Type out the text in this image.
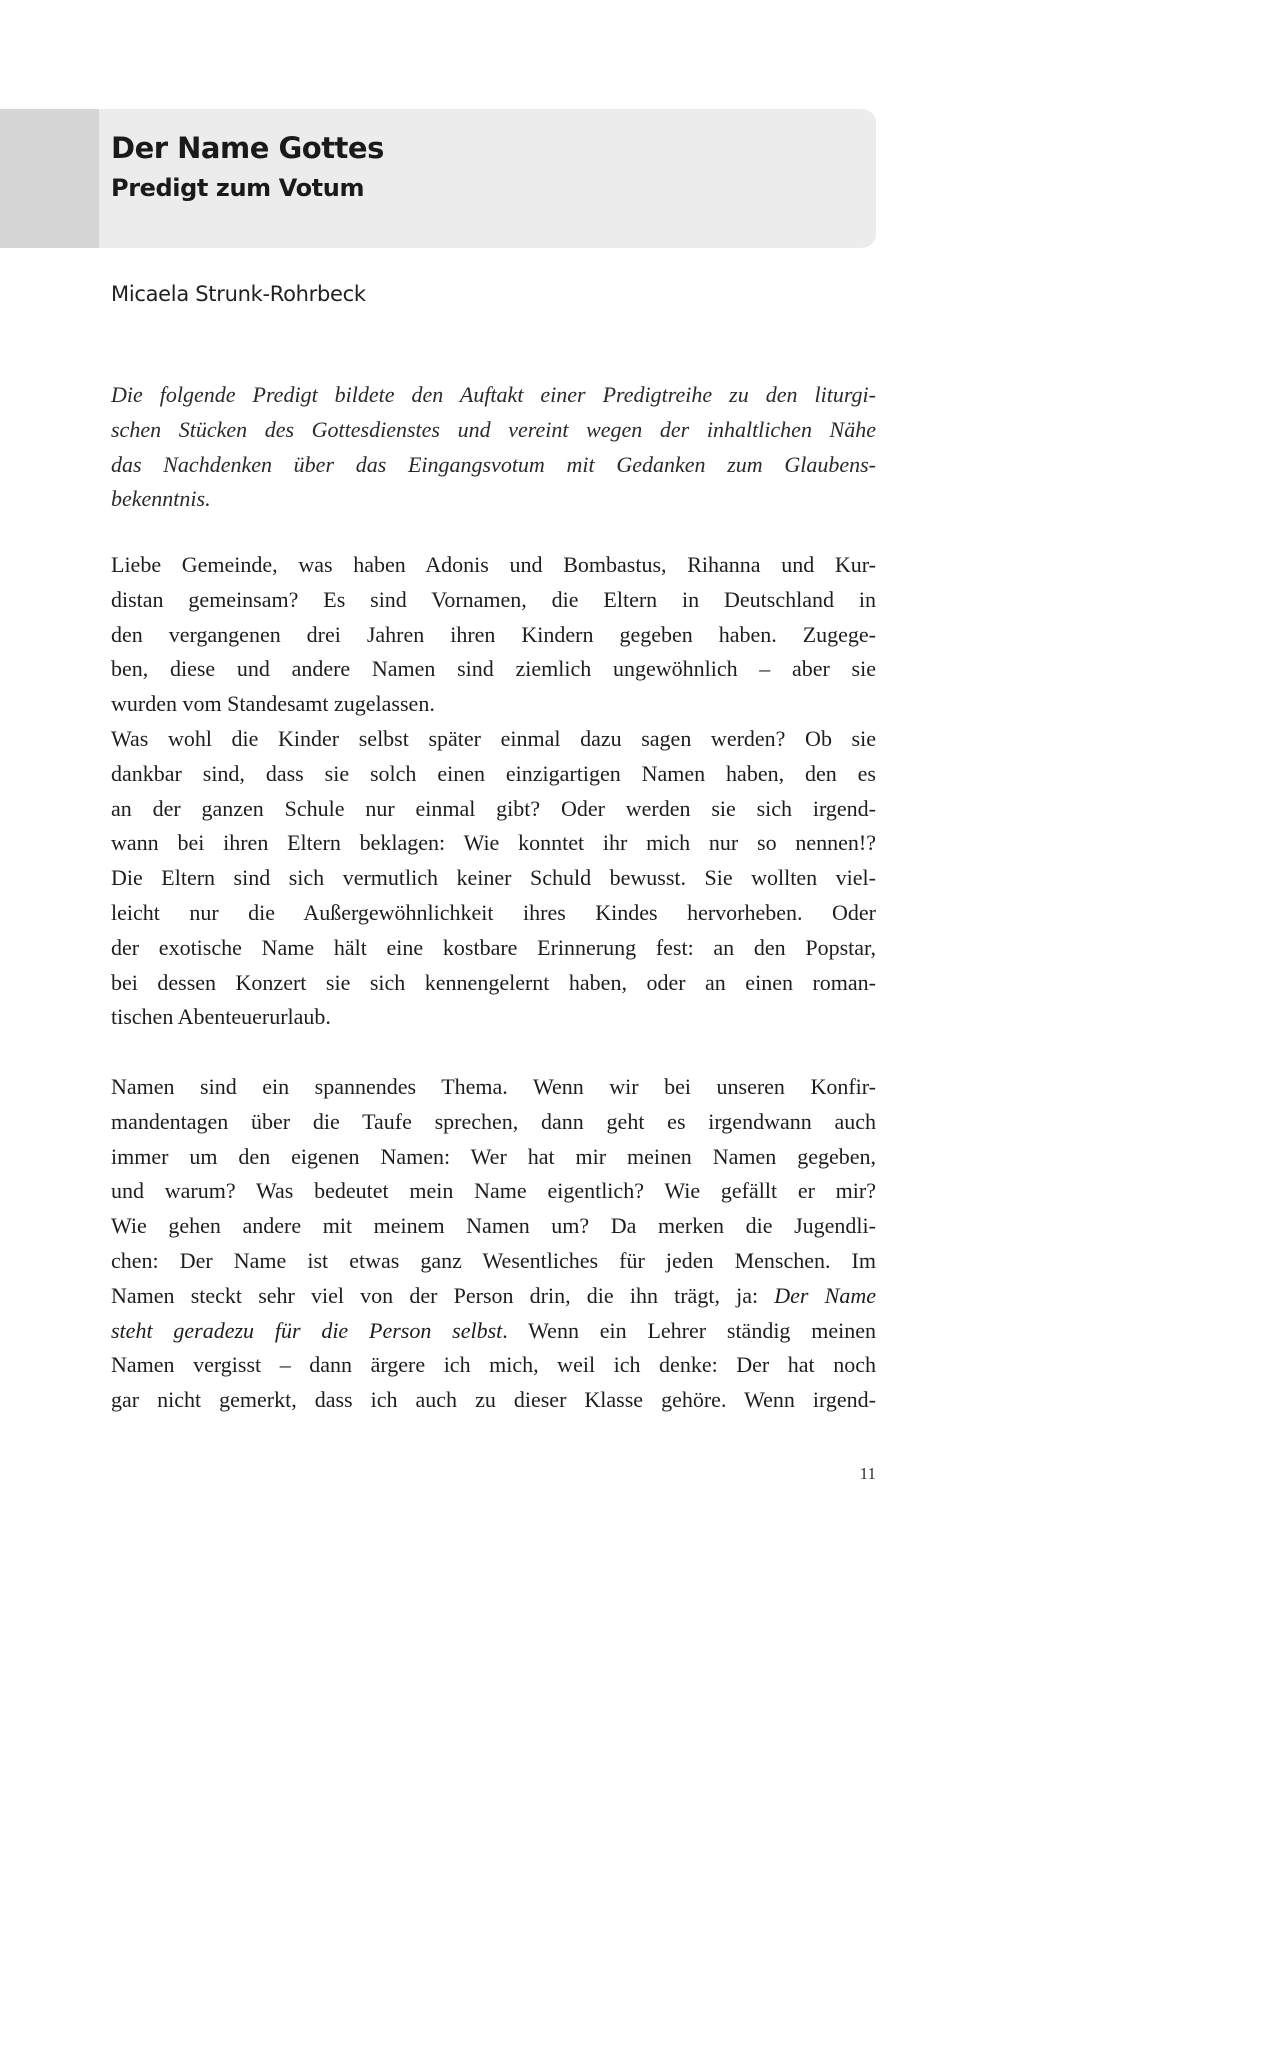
Der Name Gottes
Predigt zum Votum
Micaela Strunk-Rohrbeck
Die folgende Predigt bildete den Auftakt einer Predigtreihe zu den liturgi-
schen Stücken des Gottesdienstes und vereint wegen der inhaltlichen Nähe
das Nachdenken über das Eingangsvotum mit Gedanken zum Glaubens-
bekenntnis.
Liebe Gemeinde, was haben Adonis und Bombastus, Rihanna und Kur-
distan gemeinsam? Es sind Vornamen, die Eltern in Deutschland in
den vergangenen drei Jahren ihren Kindern gegeben haben. Zugege-
ben, diese und andere Namen sind ziemlich ungewöhnlich – aber sie
wurden vom Standesamt zugelassen.
Was wohl die Kinder selbst später einmal dazu sagen werden? Ob sie
dankbar sind, dass sie solch einen einzigartigen Namen haben, den es
an der ganzen Schule nur einmal gibt? Oder werden sie sich irgend-
wann bei ihren Eltern beklagen: Wie konntet ihr mich nur so nennen!?
Die Eltern sind sich vermutlich keiner Schuld bewusst. Sie wollten viel-
leicht nur die Außergewöhnlichkeit ihres Kindes hervorheben. Oder
der exotische Name hält eine kostbare Erinnerung fest: an den Popstar,
bei dessen Konzert sie sich kennengelernt haben, oder an einen roman-
tischen Abenteuerurlaub.
Namen sind ein spannendes Thema. Wenn wir bei unseren Konfir-
mandentagen über die Taufe sprechen, dann geht es irgendwann auch
immer um den eigenen Namen: Wer hat mir meinen Namen gegeben,
und warum? Was bedeutet mein Name eigentlich? Wie gefällt er mir?
Wie gehen andere mit meinem Namen um? Da merken die Jugendli-
chen: Der Name ist etwas ganz Wesentliches für jeden Menschen. Im
Namen steckt sehr viel von der Person drin, die ihn trägt, ja: Der Name
steht geradezu für die Person selbst. Wenn ein Lehrer ständig meinen
Namen vergisst – dann ärgere ich mich, weil ich denke: Der hat noch
gar nicht gemerkt, dass ich auch zu dieser Klasse gehöre. Wenn irgend-
11
